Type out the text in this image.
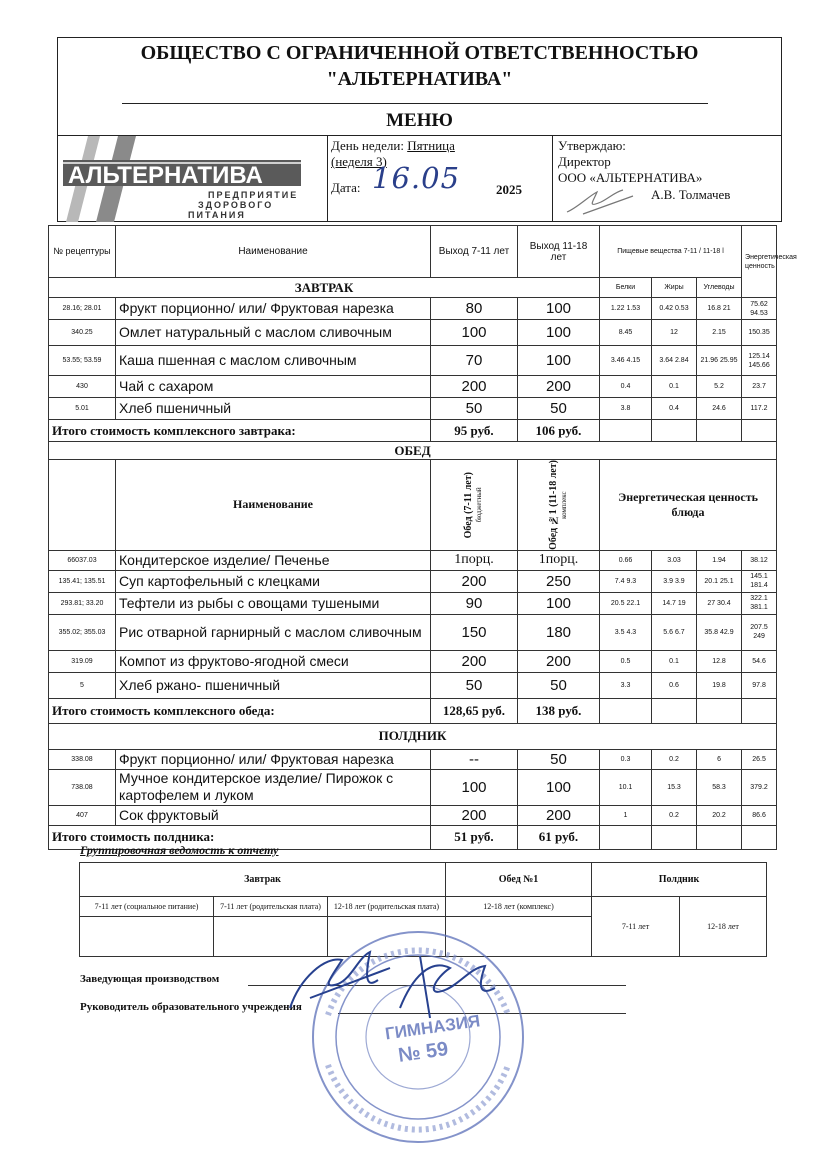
ОБЩЕСТВО С ОГРАНИЧЕННОЙ ОТВЕТСТВЕННОСТЬЮ
"АЛЬТЕРНАТИВА"
МЕНЮ
АЛЬТЕРНАТИВА
ПРЕДПРИЯТИЕ
ЗДОРОВОГО
ПИТАНИЯ
День недели: Пятница
(неделя 3)
Дата: 16.05	2025
Утверждаю:
Директор
ООО «АЛЬТЕРНАТИВА»
А.В. Толмачев
№ рецептуры	Наименование	Выход 7-11 лет	Выход 11-18 лет	Пищевые вещества 7-11 / 11-18 l			Энергетическая ценность
ЗАВТРАК				Белки	Жиры	Углеводы	
28.16; 28.01	Фрукт порционно/ или/ Фруктовая нарезка	80	100	1.22 1.53	0.42 0.53	16.8 21	75.62 94.53
340.25	Омлет натуральный с маслом сливочным	100	100	8.45	12	2.15	150.35
53.55; 53.59	Каша пшенная с маслом сливочным	70	100	3.46 4.15	3.64 2.84	21.96 25.95	125.14 145.66
430	Чай с сахаром	200	200	0.4	0.1	5.2	23.7
5.01	Хлеб пшеничный	50	50	3.8	0.4	24.6	117.2
Итого стоимость комплексного завтрака:		95 руб.	106 руб.				
ОБЕД							
	Наименование	Обед (7-11 лет) бюджетный	Обед №1 (11-18 лет) комплекс	Энергетическая ценность блюда			
66037.03	Кондитерское изделие/ Печенье	1порц.	1порц.	0.66	3.03	1.94	38.12
135.41; 135.51	Суп картофельный с клецками	200	250	7.4 9.3	3.9 3.9	20.1 25.1	145.1 181.4
293.81; 33.20	Тефтели из рыбы с овощами тушеными	90	100	20.5 22.1	14.7 19	27 30.4	322.1 381.1
355.02; 355.03	Рис отварной гарнирный с маслом сливочным	150	180	3.5 4.3	5.6 6.7	35.8 42.9	207.5 249
319.09	Компот из фруктово-ягодной смеси	200	200	0.5	0.1	12.8	54.6
5	Хлеб ржано- пшеничный	50	50	3.3	0.6	19.8	97.8
Итого стоимость комплексного обеда:		128,65 руб.	138 руб.				
ПОЛДНИК							
338.08	Фрукт порционно/ или/ Фруктовая нарезка	--	50	0.3	0.2	6	26.5
738.08	Мучное кондитерское изделие/ Пирожок с картофелем и луком	100	100	10.1	15.3	58.3	379.2
407	Сок фруктовый	200	200	1	0.2	20.2	86.6
Итого стоимость полдника:		51 руб.	61 руб.				
Группировочная ведомость к отчету
Завтрак			Обед №1	Полдник	
7-11 лет (социальное питание)	7-11 лет (родительская плата)	12-18 лет (родительская плата)	12-18 лет (комплекс)	7-11 лет	12-18 лет

Заведующая производством
Руководитель образовательного учреждения
ГИМНАЗИЯ
№ 59
